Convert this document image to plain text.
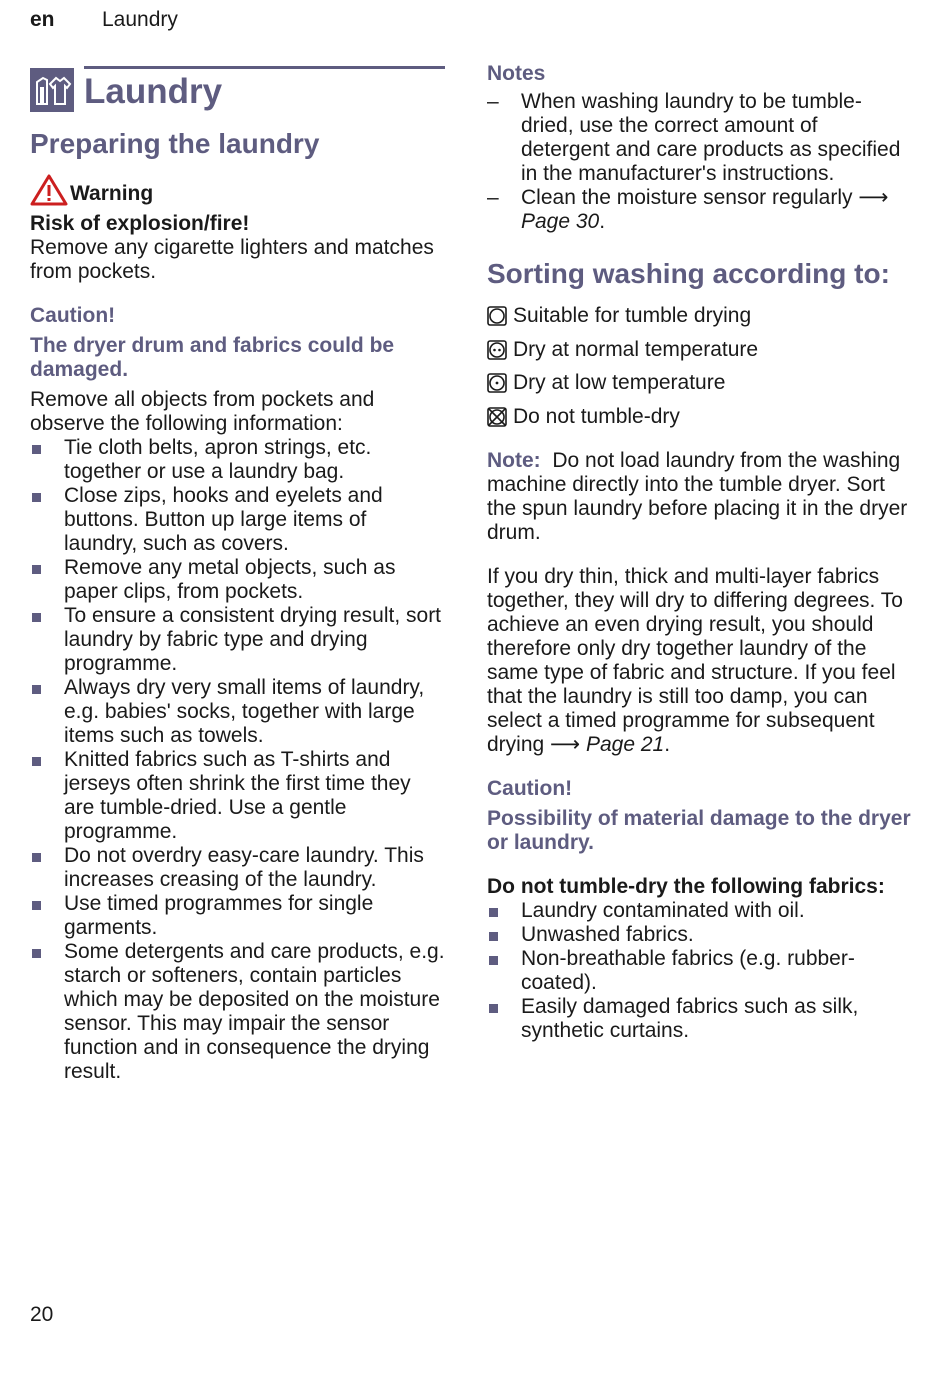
en Laundry
Laundry
Preparing the laundry
Warning

Risk of explosion/fire!

Remove any cigarette lighters and matches from pockets.

Caution!

The dryer drum and fabrics could be damaged.

Remove all objects from pockets and observe the following information:

Tie cloth belts, apron strings, etc. together or use a laundry bag.
Close zips, hooks and eyelets and buttons. Button up large items of laundry, such as covers.
Remove any metal objects, such as paper clips, from pockets.
To ensure a consistent drying result, sort laundry by fabric type and drying programme.
Always dry very small items of laundry, e.g. babies' socks, together with large items such as towels.
Knitted fabrics such as T-shirts and jerseys often shrink the first time they are tumble-dried. Use a gentle programme.
Do not overdry easy-care laundry. This increases creasing of the laundry.
Use timed programmes for single garments.
Some detergents and care products, e.g. starch or softeners, contain particles which may be deposited on the moisture sensor. This may impair the sensor function and in consequence the drying result.

Notes

– When washing laundry to be tumble-dried, use the correct amount of detergent and care products as specified in the manufacturer's instructions.
– Clean the moisture sensor regularly ⟶ Page 30.
Sorting washing according to:
Suitable for tumble drying
Dry at normal temperature
Dry at low temperature
Do not tumble-dry

Note: Do not load laundry from the washing machine directly into the tumble dryer. Sort the spun laundry before placing it in the dryer drum.

If you dry thin, thick and multi-layer fabrics together, they will dry to differing degrees. To achieve an even drying result, you should therefore only dry together laundry of the same type of fabric and structure. If you feel that the laundry is still too damp, you can select a timed programme for subsequent drying ⟶ Page 21.

Caution!

Possibility of material damage to the dryer or laundry.

Do not tumble-dry the following fabrics:

Laundry contaminated with oil.
Unwashed fabrics.
Non-breathable fabrics (e.g. rubber-coated).
Easily damaged fabrics such as silk, synthetic curtains.
20
